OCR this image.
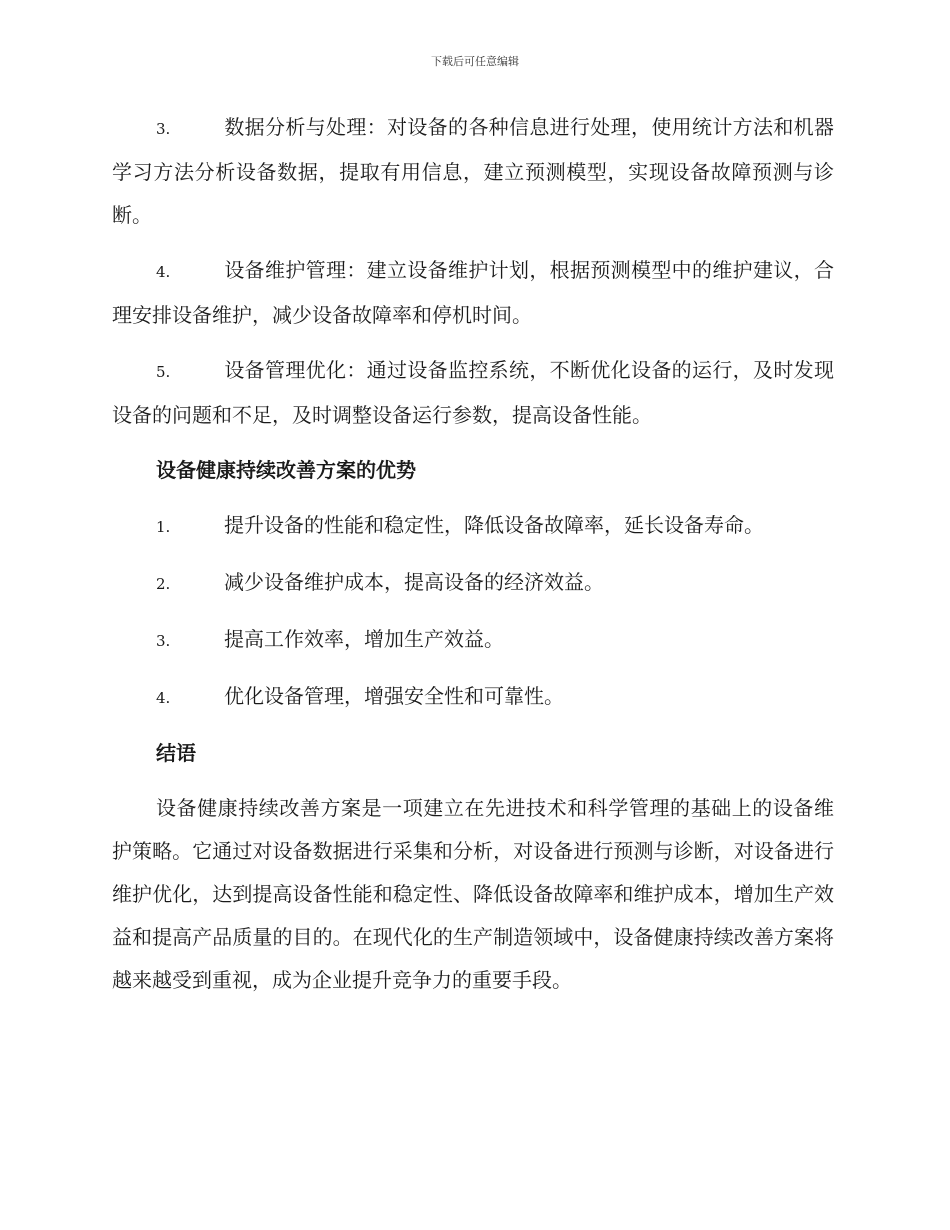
下载后可任意编辑

3.	数据分析与处理：对设备的各种信息进行处理，使用统计方法和机器学习方法分析设备数据，提取有用信息，建立预测模型，实现设备故障预测与诊断。

4.	设备维护管理：建立设备维护计划，根据预测模型中的维护建议，合理安排设备维护，减少设备故障率和停机时间。

5.	设备管理优化：通过设备监控系统，不断优化设备的运行，及时发现设备的问题和不足，及时调整设备运行参数，提高设备性能。

设备健康持续改善方案的优势
1.	提升设备的性能和稳定性，降低设备故障率，延长设备寿命。
2.	减少设备维护成本，提高设备的经济效益。
3.	提高工作效率，增加生产效益。
4.	优化设备管理，增强安全性和可靠性。
结语

设备健康持续改善方案是一项建立在先进技术和科学管理的基础上的设备维护策略。它通过对设备数据进行采集和分析，对设备进行预测与诊断，对设备进行维护优化，达到提高设备性能和稳定性、降低设备故障率和维护成本，增加生产效益和提高产品质量的目的。在现代化的生产制造领域中，设备健康持续改善方案将越来越受到重视，成为企业提升竞争力的重要手段。
